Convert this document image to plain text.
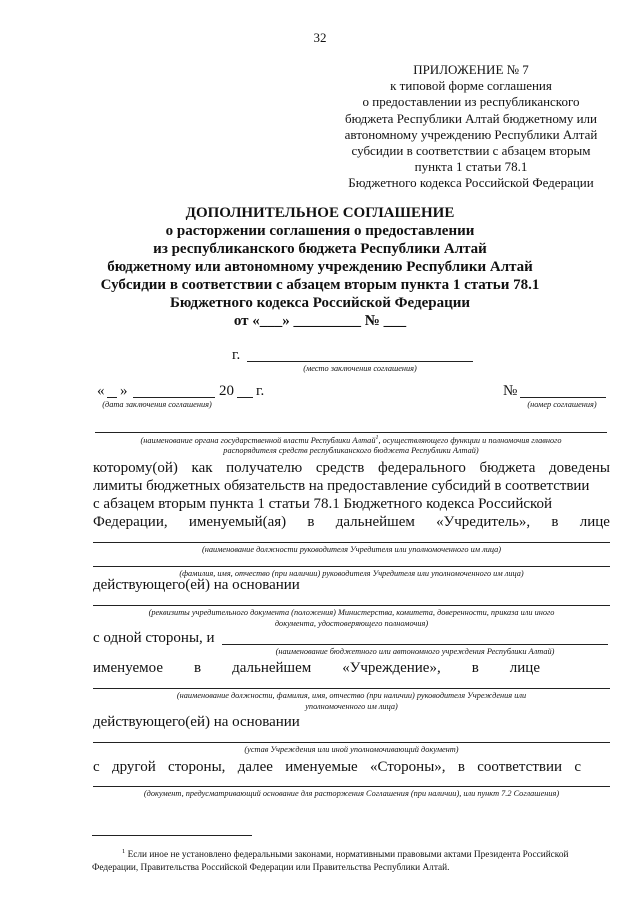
32
ПРИЛОЖЕНИЕ № 7
к типовой форме соглашения
о предоставлении из республиканского
бюджета Республики Алтай бюджетному или
автономному учреждению Республики Алтай
субсидии в соответствии с абзацем вторым
пункта 1 статьи 78.1
Бюджетного кодекса Российской Федерации
ДОПОЛНИТЕЛЬНОЕ СОГЛАШЕНИЕ
о расторжении соглашения о предоставлении
из республиканского бюджета Республики Алтай
бюджетному или автономному учреждению Республики Алтай
Субсидии в соответствии с абзацем вторым пункта 1 статьи 78.1
Бюджетного кодекса Российской Федерации
от «___» _________ № ___
г.
(место заключения соглашения)
« »	20 г.
(дата заключения соглашения)
№
(номер соглашения)
(наименование органа государственной власти Республики Алтай$^1$, осуществляющего функции и полномочия главного
распорядителя средств республиканского бюджета Республики Алтай)
которому(ой) как получателю средств федерального бюджета доведены
лимиты бюджетных обязательств на предоставление субсидий в соответствии
с абзацем вторым пункта 1 статьи 78.1 Бюджетного кодекса Российской
Федерации, именуемый(ая) в дальнейшем «Учредитель», в лице
(наименование должности руководителя Учредителя или уполномоченного им лица)
(фамилия, имя, отчество (при наличии) руководителя Учредителя или уполномоченного им лица)
действующего(ей) на основании
(реквизиты учредительного документа (положения) Министерства, комитета, доверенности, приказа или иного
документа, удостоверяющего полномочия)
с одной стороны, и
(наименование бюджетного или автономного учреждения Республики Алтай)
именуемое в дальнейшем «Учреждение», в лице
(наименование должности, фамилия, имя, отчество (при наличии) руководителя Учреждения или
уполномоченного им лица)
действующего(ей) на основании
(устав Учреждения или иной уполномочивающий документ)
с другой стороны, далее именуемые «Стороны», в соответствии с
(документ, предусматривающий основание для расторжения Соглашения (при наличии), или пункт 7.2 Соглашения)
$^1$ Если иное не установлено федеральными законами, нормативными правовыми актами Президента Российской Федерации, Правительства Российской Федерации или Правительства Республики Алтай.
